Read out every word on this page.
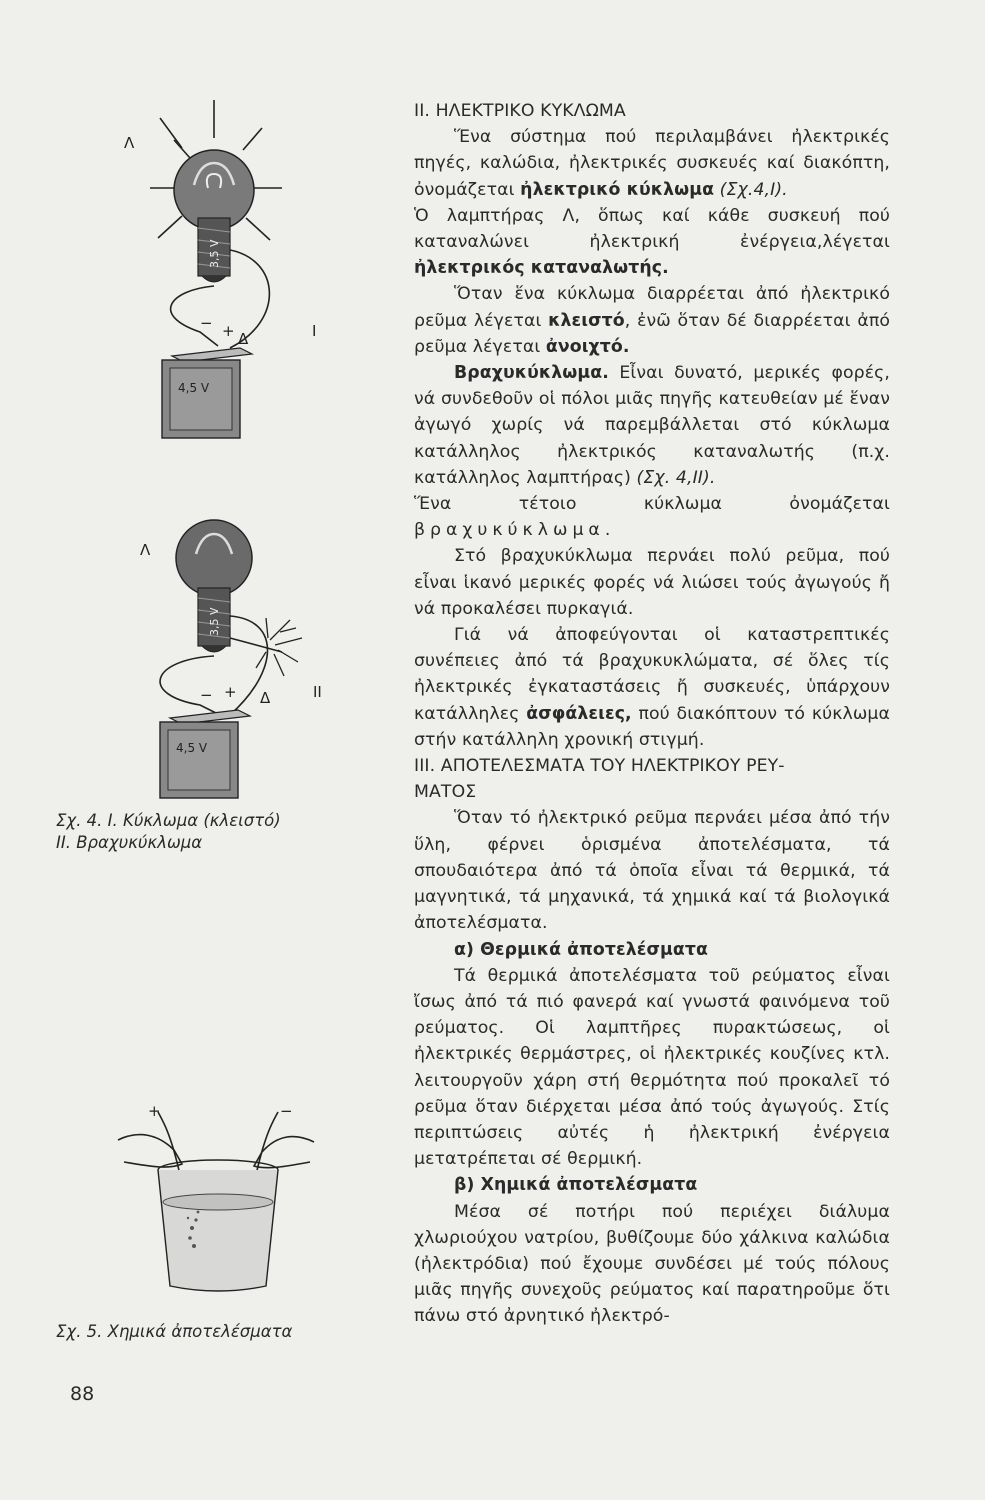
3,5 V
Λ
− + Δ	I
4,5 V
3,5 V
Λ
− + Δ	II
4,5 V
Σχ. 4. I. Κύκλωμα (κλειστό)
II. Βραχυκύκλωμα
+	−
Σχ. 5. Χημικά ἀποτελέσματα
88

II. ΗΛΕΚΤΡΙΚΟ ΚΥΚΛΩΜΑ

Ἕνα σύστημα πού περιλαμβάνει ἠλεκτρικές πηγές, καλώδια, ἠλεκτρικές συσκευές καί διακόπτη, ὀνομάζεται ἠλεκτρικό κύκλωμα (Σχ.4,I).

Ὁ λαμπτήρας Λ, ὅπως καί κάθε συσκευή πού καταναλώνει ἠλεκτρική ἐνέργεια,λέγεται ἠλεκτρικός καταναλωτής.

Ὅταν ἕνα κύκλωμα διαρρέεται ἀπό ἠλεκτρικό ρεῦμα λέγεται κλειστό, ἐνῶ ὅταν δέ διαρρέεται ἀπό ρεῦμα λέγεται ἀνοιχτό.

Βραχυκύκλωμα. Εἶναι δυνατό, μερικές φορές, νά συνδεθοῦν οἱ πόλοι μιᾶς πηγῆς κατευθείαν μέ ἕναν ἀγωγό χωρίς νά παρεμβάλλεται στό κύκλωμα κατάλληλος ἠλεκτρικός καταναλωτής (π.χ. κατάλληλος λαμπτήρας) (Σχ. 4,II).

Ἕνα τέτοιο κύκλωμα ὀνομάζεται βραχυκύκλωμα.

Στό βραχυκύκλωμα περνάει πολύ ρεῦμα, πού εἶναι ἱκανό μερικές φορές νά λιώσει τούς ἀγωγούς ἤ νά προκαλέσει πυρκαγιά.

Γιά νά ἀποφεύγονται οἱ καταστρεπτικές συνέπειες ἀπό τά βραχυκυκλώματα, σέ ὅλες τίς ἠλεκτρικές ἐγκαταστάσεις ἤ συσκευές, ὑπάρχουν κατάλληλες ἀσφάλειες, πού διακόπτουν τό κύκλωμα στήν κατάλληλη χρονική στιγμή.

III. ΑΠΟΤΕΛΕΣΜΑΤΑ ΤΟΥ ΗΛΕΚΤΡΙΚΟΥ ΡΕΥ-

ΜΑΤΟΣ

Ὅταν τό ἠλεκτρικό ρεῦμα περνάει μέσα ἀπό τήν ὕλη, φέρνει ὁρισμένα ἀποτελέσματα, τά σπουδαιότερα ἀπό τά ὁποῖα εἶναι τά θερμικά, τά μαγνητικά, τά μηχανικά, τά χημικά καί τά βιολογικά ἀποτελέσματα.

α) Θερμικά ἀποτελέσματα

Τά θερμικά ἀποτελέσματα τοῦ ρεύματος εἶναι ἴσως ἀπό τά πιό φανερά καί γνωστά φαινόμενα τοῦ ρεύματος. Οἱ λαμπτῆρες πυρακτώσεως, οἱ ἠλεκτρικές θερμάστρες, οἱ ἠλεκτρικές κουζίνες κτλ. λειτουργοῦν χάρη στή θερμότητα πού προκαλεῖ τό ρεῦμα ὅταν διέρχεται μέσα ἀπό τούς ἀγωγούς. Στίς περιπτώσεις αὐτές ἡ ἠλεκτρική ἐνέργεια μετατρέπεται σέ θερμική.

β) Χημικά ἀποτελέσματα

Μέσα σέ ποτήρι πού περιέχει διάλυμα χλωριούχου νατρίου, βυθίζουμε δύο χάλκινα καλώδια (ἠλεκτρόδια) πού ἔχουμε συνδέσει μέ τούς πόλους μιᾶς πηγῆς συνεχοῦς ρεύματος καί παρατηροῦμε ὅτι πάνω στό ἀρνητικό ἠλεκτρό-
